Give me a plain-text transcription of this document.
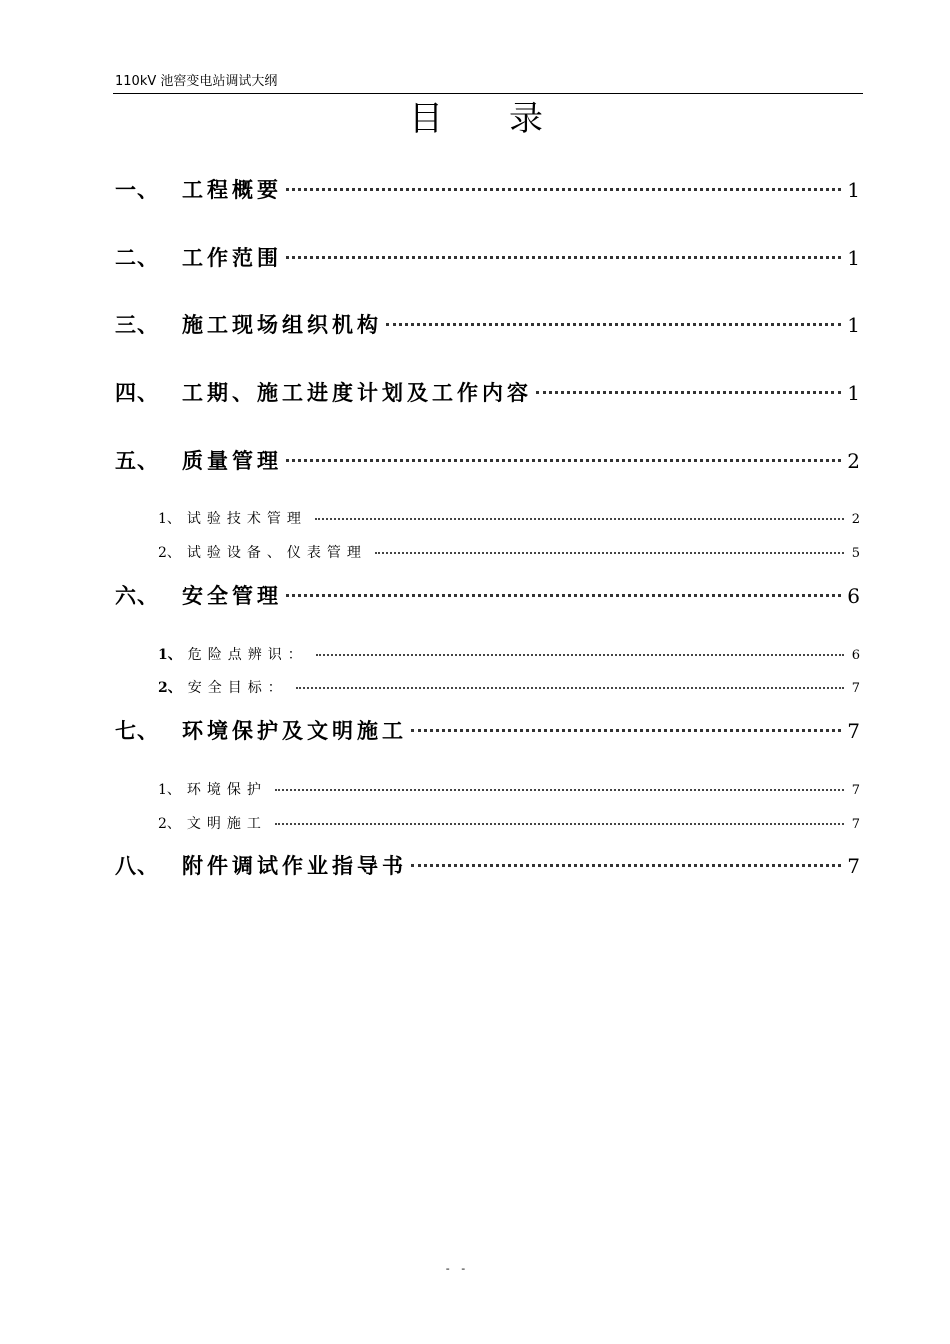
110kV 池窖变电站调试大纲
目 录
一、	工程概要	1
二、	工作范围	1
三、	施工现场组织机构	1
四、	工期、施工进度计划及工作内容	1
五、	质量管理	2
1、 试验技术管理	2
2、 试验设备、仪表管理	5
六、	安全管理	6
1、 危险点辨识：	6
2、 安全目标：	7
七、	环境保护及文明施工	7
1、 环境保护	7
2、 文明施工	7
八、	附件调试作业指导书	7
- -
